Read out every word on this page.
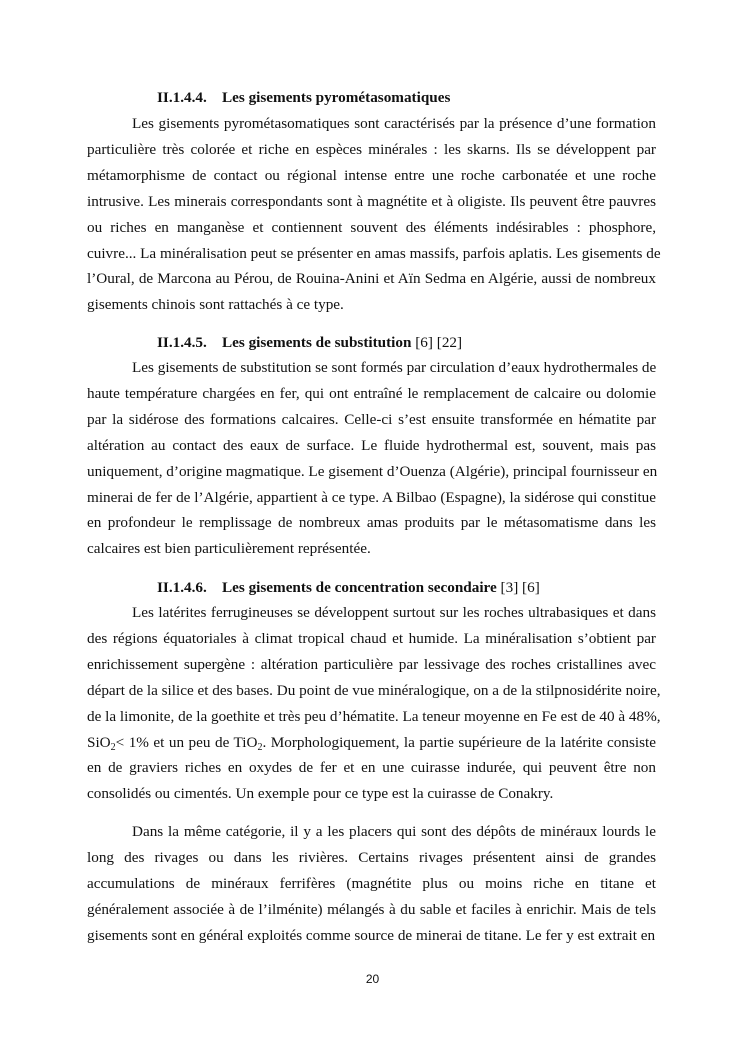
II.1.4.4. Les gisements pyrométasomatiques
Les gisements pyrométasomatiques sont caractérisés par la présence d’une formation
particulière très colorée et riche en espèces minérales : les skarns. Ils se développent par
métamorphisme de contact ou régional intense entre une roche carbonatée et une roche
intrusive. Les minerais correspondants sont à magnétite et à oligiste. Ils peuvent être pauvres
ou riches en manganèse et contiennent souvent des éléments indésirables : phosphore,
cuivre... La minéralisation peut se présenter en amas massifs, parfois aplatis. Les gisements de
l’Oural, de Marcona au Pérou, de Rouina-Anini et Aïn Sedma en Algérie, aussi de nombreux
gisements chinois sont rattachés à ce type.
II.1.4.5. Les gisements de substitution [6] [22]
Les gisements de substitution se sont formés par circulation d’eaux hydrothermales de
haute température chargées en fer, qui ont entraîné le remplacement de calcaire ou dolomie
par la sidérose des formations calcaires. Celle-ci s’est ensuite transformée en hématite par
altération au contact des eaux de surface. Le fluide hydrothermal est, souvent, mais pas
uniquement, d’origine magmatique. Le gisement d’Ouenza (Algérie), principal fournisseur en
minerai de fer de l’Algérie, appartient à ce type. A Bilbao (Espagne), la sidérose qui constitue
en profondeur le remplissage de nombreux amas produits par le métasomatisme dans les
calcaires est bien particulièrement représentée.
II.1.4.6. Les gisements de concentration secondaire [3] [6]
Les latérites ferrugineuses se développent surtout sur les roches ultrabasiques et dans
des régions équatoriales à climat tropical chaud et humide. La minéralisation s’obtient par
enrichissement supergène : altération particulière par lessivage des roches cristallines avec
départ de la silice et des bases. Du point de vue minéralogique, on a de la stilpnosidérite noire,
de la limonite, de la goethite et très peu d’hématite. La teneur moyenne en Fe est de 40 à 48%,
SiO$_2$< 1% et un peu de TiO$_2$. Morphologiquement, la partie supérieure de la latérite consiste
en de graviers riches en oxydes de fer et en une cuirasse indurée, qui peuvent être non
consolidés ou cimentés. Un exemple pour ce type est la cuirasse de Conakry.
Dans la même catégorie, il y a les placers qui sont des dépôts de minéraux lourds le
long des rivages ou dans les rivières. Certains rivages présentent ainsi de grandes
accumulations de minéraux ferrifères (magnétite plus ou moins riche en titane et
généralement associée à de l’ilménite) mélangés à du sable et faciles à enrichir. Mais de tels
gisements sont en général exploités comme source de minerai de titane. Le fer y est extrait en
20
